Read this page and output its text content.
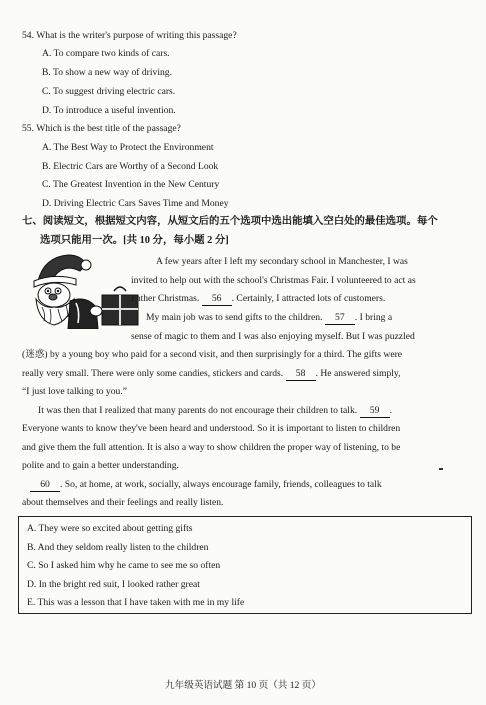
54. What is the writer's purpose of writing this passage?
A. To compare two kinds of cars.
B. To show a new way of driving.
C. To suggest driving electric cars.
D. To introduce a useful invention.
55. Which is the best title of the passage?
A. The Best Way to Protect the Environment
B. Electric Cars are Worthy of a Second Look
C. The Greatest Invention in the New Century
D. Driving Electric Cars Saves Time and Money
七、阅读短文，根据短文内容，从短文后的五个选项中选出能填入空白处的最佳选项。每个
选项只能用一次。[共 10 分，每小题 2 分]
A few years after I left my secondary school in Manchester, I was
invited to help out with the school's Christmas Fair. I volunteered to act as
Father Christmas. 56 . Certainly, I attracted lots of customers.
My main job was to send gifts to the children. 57 . I bring a
sense of magic to them and I was also enjoying myself. But I was puzzled
(迷惑) by a young boy who paid for a second visit, and then surprisingly for a third. The gifts were
really very small. There were only some candies, stickers and cards. 58 . He answered simply,
“I just love talking to you.”
It was then that I realized that many parents do not encourage their children to talk. 59 .
Everyone wants to know they've been heard and understood. So it is important to listen to children
and give them the full attention. It is also a way to show children the proper way of listening, to be
polite and to gain a better understanding.
60 . So, at home, at work, socially, always encourage family, friends, colleagues to talk
about themselves and their feelings and really listen.
A. They were so excited about getting gifts
B. And they seldom really listen to the children
C. So I asked him why he came to see me so often
D. In the bright red suit, I looked rather great
E. This was a lesson that I have taken with me in my life
九年级英语试题 第 10 页（共 12 页）
